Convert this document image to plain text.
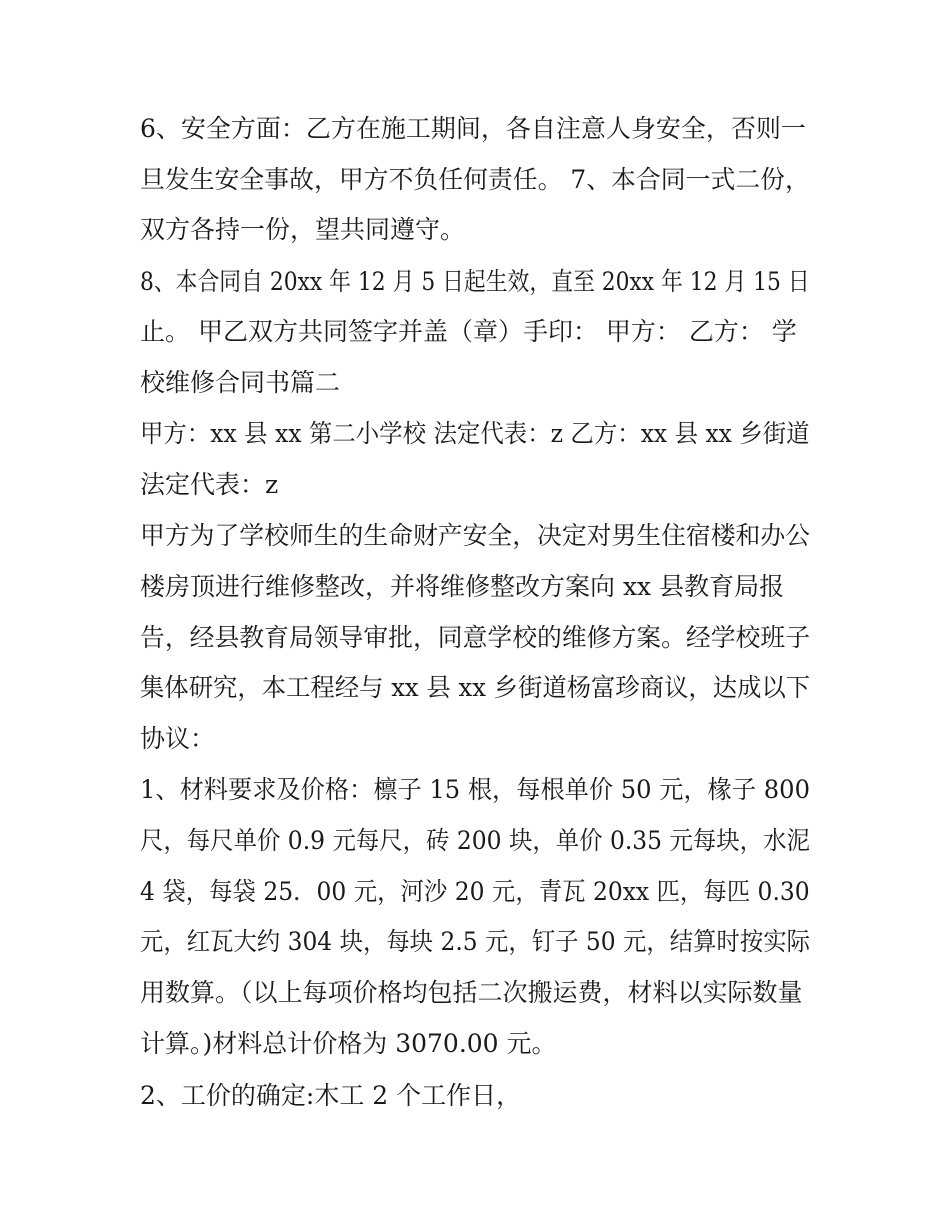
6、安全方面：乙方在施工期间，各自注意人身安全，否则一
旦发生安全事故，甲方不负任何责任。 7、本合同一式二份，
双方各持一份，望共同遵守。
8、本合同自 20xx 年 12 月 5 日起生效，直至 20xx 年 12 月 15 日
止。 甲乙双方共同签字并盖（章）手印： 甲方： 乙方： 学
校维修合同书篇二
甲方：xx 县 xx 第二小学校 法定代表：z 乙方：xx 县 xx 乡街道
法定代表：z
甲方为了学校师生的生命财产安全，决定对男生住宿楼和办公
楼房顶进行维修整改，并将维修整改方案向 xx 县教育局报
告，经县教育局领导审批，同意学校的维修方案。经学校班子
集体研究，本工程经与 xx 县 xx 乡街道杨富珍商议，达成以下
协议：
1、材料要求及价格：檩子 15 根，每根单价 50 元，椽子 800
尺，每尺单价 0.9 元每尺，砖 200 块，单价 0.35 元每块，水泥
4 袋，每袋 25．00 元，河沙 20 元，青瓦 20xx 匹，每匹 0.30
元，红瓦大约 304 块，每块 2.5 元，钉子 50 元，结算时按实际
用数算。（以上每项价格均包括二次搬运费，材料以实际数量
计算。)材料总计价格为 3070.00 元。
2、工价的确定:木工 2 个工作日，
